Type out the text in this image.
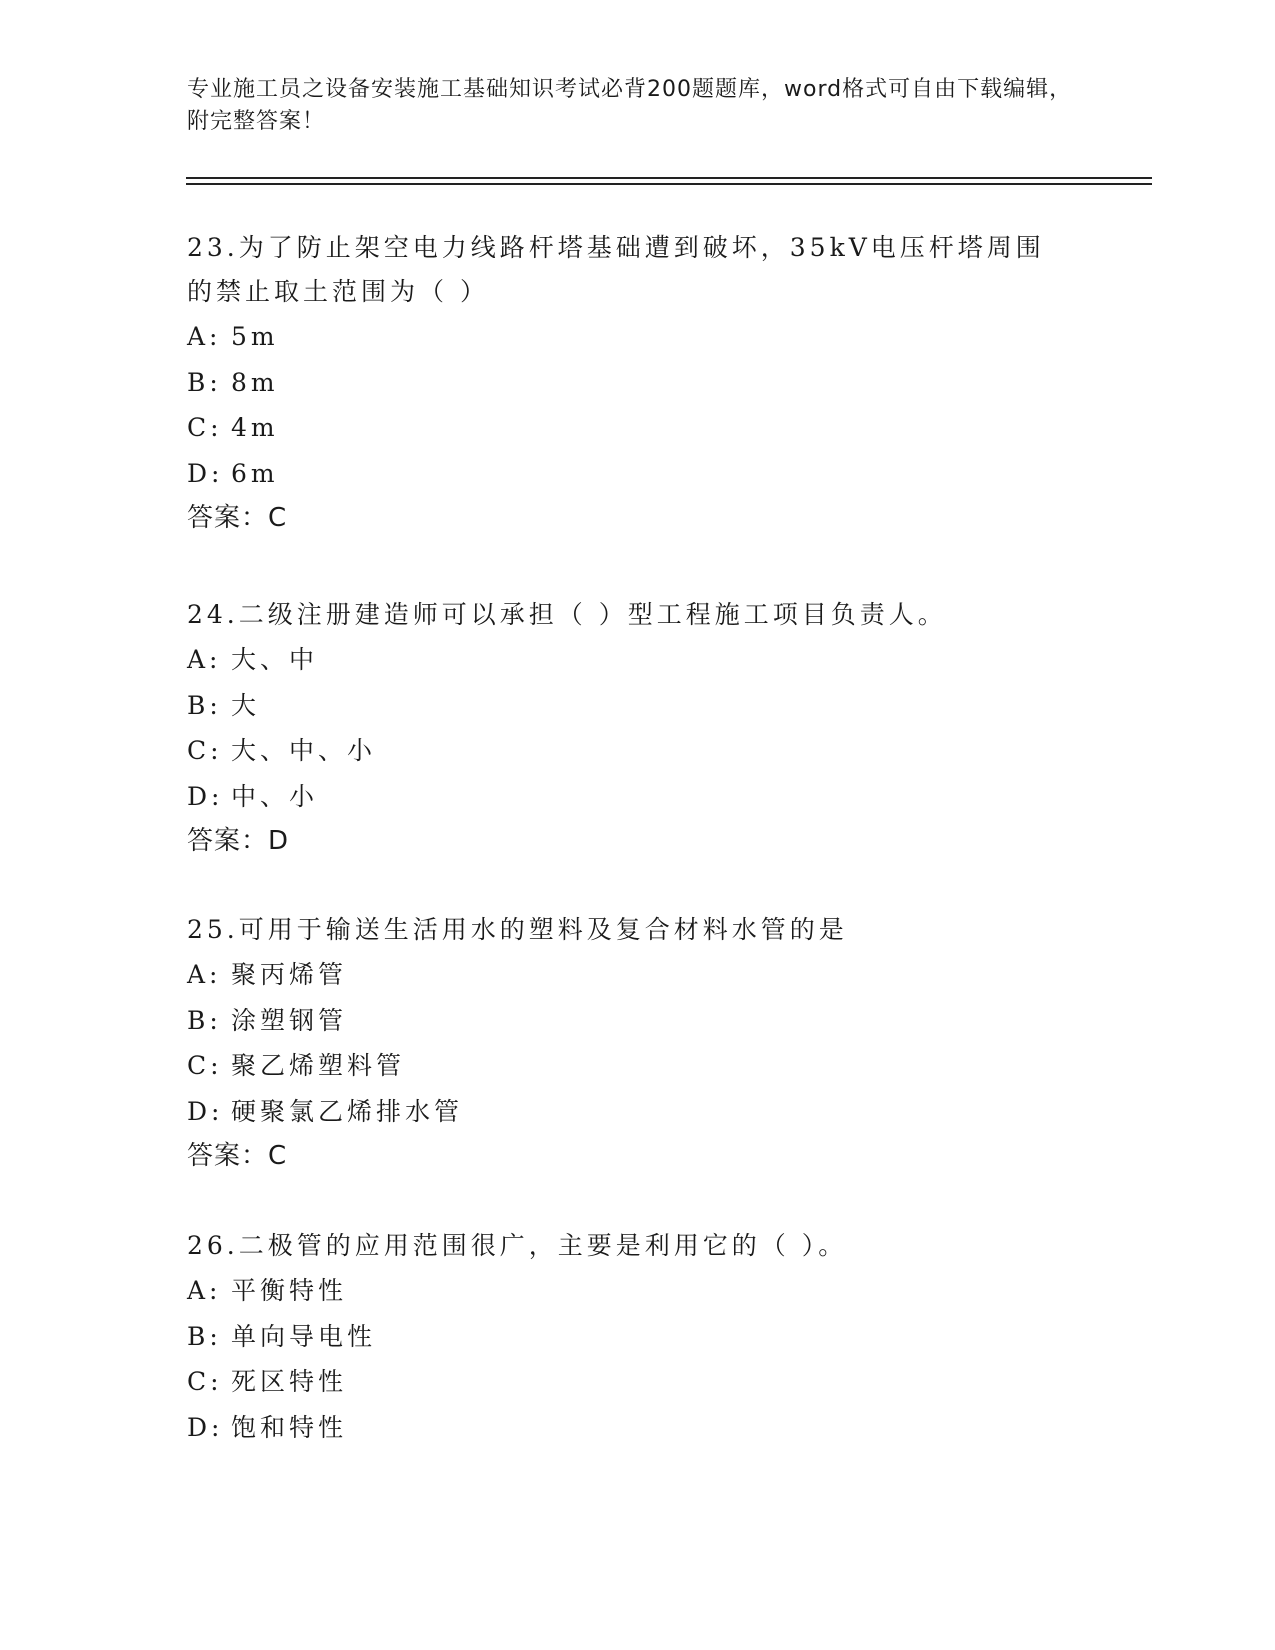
专业施工员之设备安装施工基础知识考试必背200题题库，word格式可自由下载编辑，附完整答案！
23.为了防止架空电力线路杆塔基础遭到破坏，35kV电压杆塔周围的禁止取土范围为（ ）
A: 5m
B: 8m
C: 4m
D: 6m
答案：C
24.二级注册建造师可以承担（ ）型工程施工项目负责人。
A: 大、中
B: 大
C: 大、中、小
D: 中、小
答案：D
25.可用于输送生活用水的塑料及复合材料水管的是
A: 聚丙烯管
B: 涂塑钢管
C: 聚乙烯塑料管
D: 硬聚氯乙烯排水管
答案：C
26.二极管的应用范围很广，主要是利用它的（ ）。
A: 平衡特性
B: 单向导电性
C: 死区特性
D: 饱和特性
